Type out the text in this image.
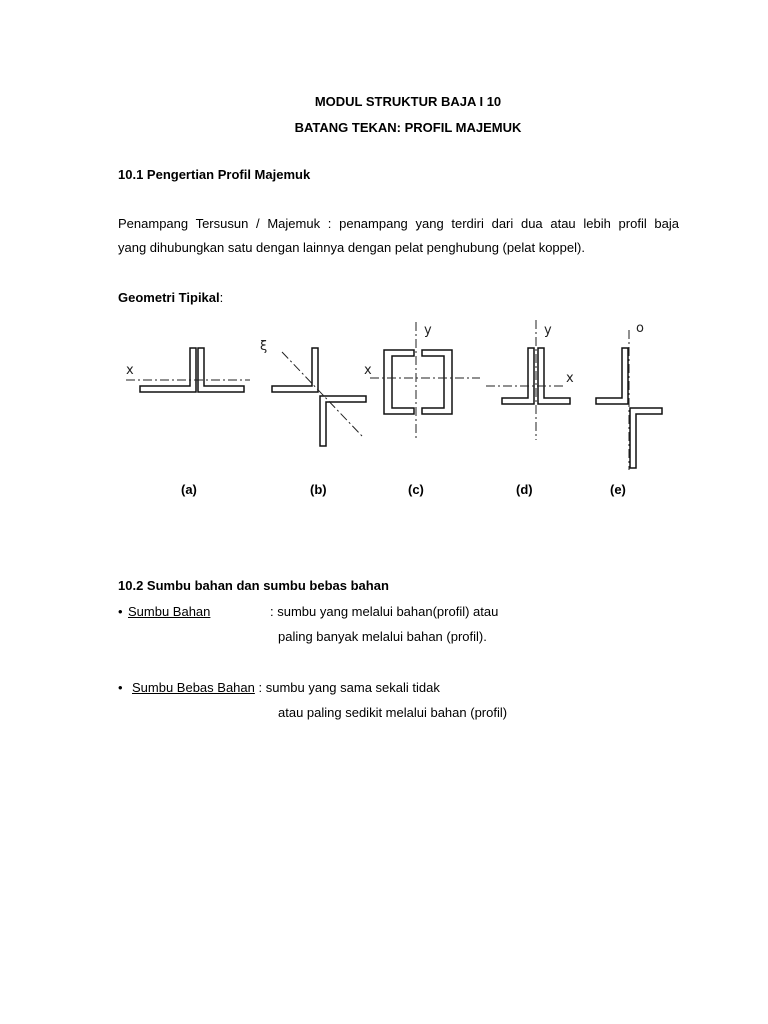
MODUL STRUKTUR BAJA I 10
BATANG TEKAN: PROFIL MAJEMUK
10.1 Pengertian Profil Majemuk
Penampang Tersusun / Majemuk : penampang yang terdiri dari dua atau lebih profil baja
yang dihubungkan satu dengan lainnya dengan pelat penghubung (pelat koppel).
Geometri Tipikal:
x
ξ
x
y
x
y	o
(a)	(b)	(c)	(d)	(e)
10.2 Sumbu bahan dan sumbu bebas bahan
• Sumbu Bahan	: sumbu yang melalui bahan(profil) atau
paling banyak melalui bahan (profil).
• Sumbu Bebas Bahan : sumbu yang sama sekali tidak
atau paling sedikit melalui bahan (profil)
